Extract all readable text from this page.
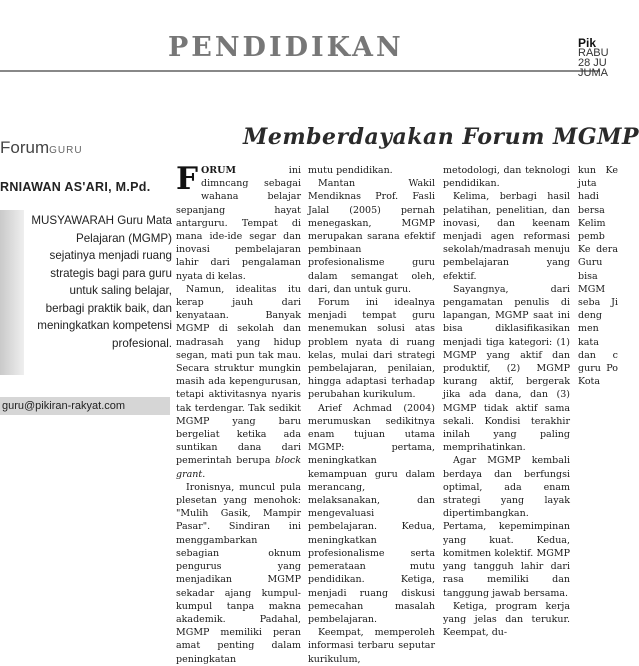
PENDIDIKAN	Pik
RABU
28 JU
JUMA
ForumGURU
RNIAWAN AS'ARI, M.Pd.
MUSYAWARAH Guru Mata Pelajaran (MGMP) sejatinya menjadi ruang strategis bagi para guru untuk saling belajar, berbagi praktik baik, dan meningkatkan kompetensi profesional.
guru@pikiran-rakyat.com
Memberdayakan Forum MGMP
FORUM	ini dimncang sebagai wahana belajar sepanjang hayat antarguru. Tempat di mana ide-ide segar dan inovasi pembelajaran lahir dari pengalaman nyata di kelas.

Namun, idealitas itu kerap jauh dari kenyataan. Banyak MGMP di sekolah dan madrasah yang hidup segan, mati pun tak mau. Secara struktur mungkin masih ada kepengurusan, tetapi aktivitasnya nyaris tak terdengar. Tak sedikit MGMP yang baru bergeliat ketika ada suntikan dana dari pemerintah berupa block grant.

Ironisnya, muncul pula plesetan yang menohok: "Mulih Gasik, Mampir Pasar". Sindiran ini menggambarkan sebagian oknum pengurus yang menjadikan MGMP sekadar ajang kumpul-kumpul tanpa makna akademik. Padahal, MGMP memiliki peran amat penting dalam peningkatan

mutu pendidikan.

Mantan Wakil Mendiknas Prof. Fasli Jalal (2005) pernah menegaskan, MGMP merupakan sarana efektif pembinaan profesionalisme guru dalam semangat oleh, dari, dan untuk guru.

Forum ini idealnya menjadi tempat guru menemukan solusi atas problem nyata di ruang kelas, mulai dari strategi pembelajaran, penilaian, hingga adaptasi terhadap perubahan kurikulum.

Arief Achmad (2004) merumuskan sedikitnya enam tujuan utama MGMP: pertama, meningkatkan kemampuan guru dalam merancang, melaksanakan, dan mengevaluasi pembelajaran. Kedua, meningkatkan profesionalisme serta pemerataan mutu pendidikan. Ketiga, menjadi ruang diskusi pemecahan masalah pembelajaran.

Keempat, memperoleh informasi terbaru seputar kurikulum,

metodologi, dan teknologi pendidikan.

Kelima, berbagi hasil pelatihan, penelitian, dan inovasi, dan keenam menjadi agen reformasi sekolah/madrasah menuju pembelajaran yang efektif.

Sayangnya, dari pengamatan penulis di lapangan, MGMP saat ini bisa diklasifikasikan menjadi tiga kategori: (1) MGMP yang aktif dan produktif, (2) MGMP kurang aktif, bergerak jika ada dana, dan (3) MGMP tidak aktif sama sekali. Kondisi terakhir inilah yang paling memprihatinkan.

Agar MGMP kembali berdaya dan berfungsi optimal, ada enam strategi yang layak dipertimbangkan. Pertama, kepemimpinan yang kuat. Kedua, komitmen kolektif. MGMP yang tangguh lahir dari rasa memiliki dan tanggung jawab bersama.

Ketiga, program kerja yang jelas dan terukur. Keempat, du-

kun Ke juta hadi bersa Kelim pemb Ke dera Guru bisa MGM seba Ji deng men kata dan c guru Po Kota
